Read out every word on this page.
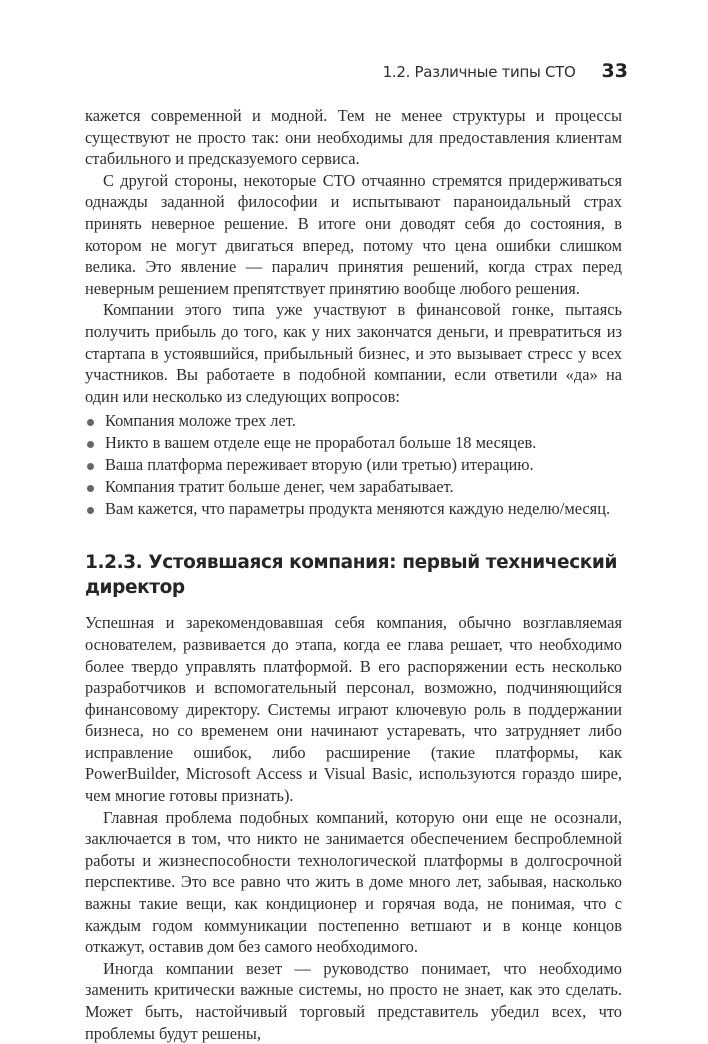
1.2. Различные типы СТО 33

кажется современной и модной. Тем не менее структуры и процессы существуют не просто так: они необходимы для предоставления клиентам стабильного и предсказуемого сервиса.

С другой стороны, некоторые СТО отчаянно стремятся придерживаться однажды заданной философии и испытывают параноидальный страх принять неверное решение. В итоге они доводят себя до состояния, в котором не могут двигаться вперед, потому что цена ошибки слишком велика. Это явление — паралич принятия решений, когда страх перед неверным решением препятствует принятию вообще любого решения.

Компании этого типа уже участвуют в финансовой гонке, пытаясь получить прибыль до того, как у них закончатся деньги, и превратиться из стартапа в устоявшийся, прибыльный бизнес, и это вызывает стресс у всех участников. Вы работаете в подобной компании, если ответили «да» на один или несколько из следующих вопросов:

Компания моложе трех лет.
Никто в вашем отделе еще не проработал больше 18 месяцев.
Ваша платформа переживает вторую (или третью) итерацию.
Компания тратит больше денег, чем зарабатывает.
Вам кажется, что параметры продукта меняются каждую неделю/месяц.
1.2.3. Устоявшаяся компания: первый технический директор

Успешная и зарекомендовавшая себя компания, обычно возглавляемая основателем, развивается до этапа, когда ее глава решает, что необходимо более твердо управлять платформой. В его распоряжении есть несколько разработчиков и вспомогательный персонал, возможно, подчиняющийся финансовому директору. Системы играют ключевую роль в поддержании бизнеса, но со временем они начинают устаревать, что затрудняет либо исправление ошибок, либо расширение (такие платформы, как PowerBuilder, Microsoft Access и Visual Basic, используются гораздо шире, чем многие готовы признать).

Главная проблема подобных компаний, которую они еще не осознали, заключается в том, что никто не занимается обеспечением беспроблемной работы и жизнеспособности технологической платформы в долгосрочной перспективе. Это все равно что жить в доме много лет, забывая, насколько важны такие вещи, как кондиционер и горячая вода, не понимая, что с каждым годом коммуникации постепенно ветшают и в конце концов откажут, оставив дом без самого необходимого.

Иногда компании везет — руководство понимает, что необходимо заменить критически важные системы, но просто не знает, как это сделать. Может быть, настойчивый торговый представитель убедил всех, что проблемы будут решены,
